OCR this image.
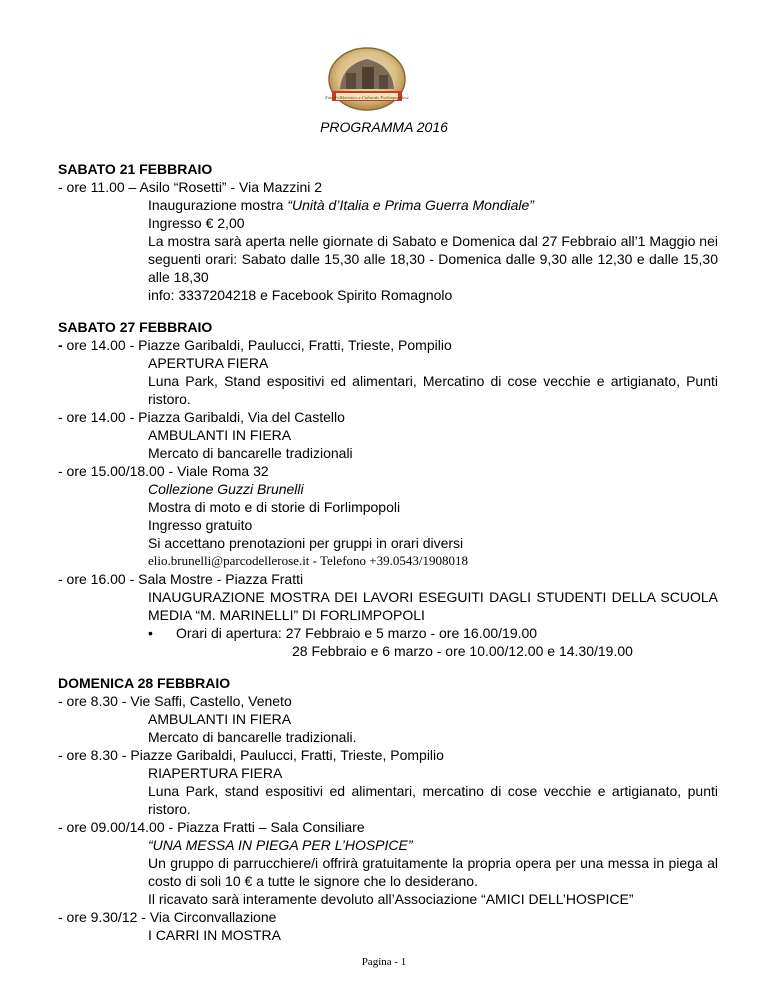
Ente Folkloristico e Culturale Forlimpopolese
PROGRAMMA 2016
SABATO 21 FEBBRAIO
- ore 11.00 – Asilo “Rosetti” - Via Mazzini 2
Inaugurazione mostra “Unità d’Italia e Prima Guerra Mondiale”
Ingresso € 2,00
La mostra sarà aperta nelle giornate di Sabato e Domenica dal 27 Febbraio all’1 Maggio nei seguenti orari: Sabato dalle 15,30 alle 18,30 - Domenica dalle 9,30 alle 12,30 e dalle 15,30 alle 18,30
info: 3337204218 e Facebook Spirito Romagnolo
SABATO 27 FEBBRAIO
- ore 14.00 - Piazze Garibaldi, Paulucci, Fratti, Trieste, Pompilio
APERTURA FIERA
Luna Park, Stand espositivi ed alimentari, Mercatino di cose vecchie e artigianato, Punti ristoro.
- ore 14.00 - Piazza Garibaldi, Via del Castello
AMBULANTI IN FIERA
Mercato di bancarelle tradizionali
- ore 15.00/18.00 - Viale Roma 32
Collezione Guzzi Brunelli
Mostra di moto e di storie di Forlimpopoli
Ingresso gratuito
Si accettano prenotazioni per gruppi in orari diversi
elio.brunelli@parcodellerose.it - Telefono +39.0543/1908018
- ore 16.00 - Sala Mostre - Piazza Fratti
INAUGURAZIONE MOSTRA DEI LAVORI ESEGUITI DAGLI STUDENTI DELLA SCUOLA MEDIA “M. MARINELLI” DI FORLIMPOPOLI
• Orari di apertura: 27 Febbraio e 5 marzo - ore 16.00/19.00
28 Febbraio e 6 marzo - ore 10.00/12.00 e 14.30/19.00
DOMENICA 28 FEBBRAIO
- ore 8.30 - Vie Saffi, Castello, Veneto
AMBULANTI IN FIERA
Mercato di bancarelle tradizionali.
- ore 8.30 - Piazze Garibaldi, Paulucci, Fratti, Trieste, Pompilio
RIAPERTURA FIERA
Luna Park, stand espositivi ed alimentari, mercatino di cose vecchie e artigianato, punti ristoro.
- ore 09.00/14.00 - Piazza Fratti – Sala Consiliare
“UNA MESSA IN PIEGA PER L’HOSPICE”
Un gruppo di parrucchiere/i offrirà gratuitamente la propria opera per una messa in piega al costo di soli 10 € a tutte le signore che lo desiderano.
Il ricavato sarà interamente devoluto all’Associazione “AMICI DELL’HOSPICE”
- ore 9.30/12 - Via Circonvallazione
I CARRI IN MOSTRA
Pagina - 1
